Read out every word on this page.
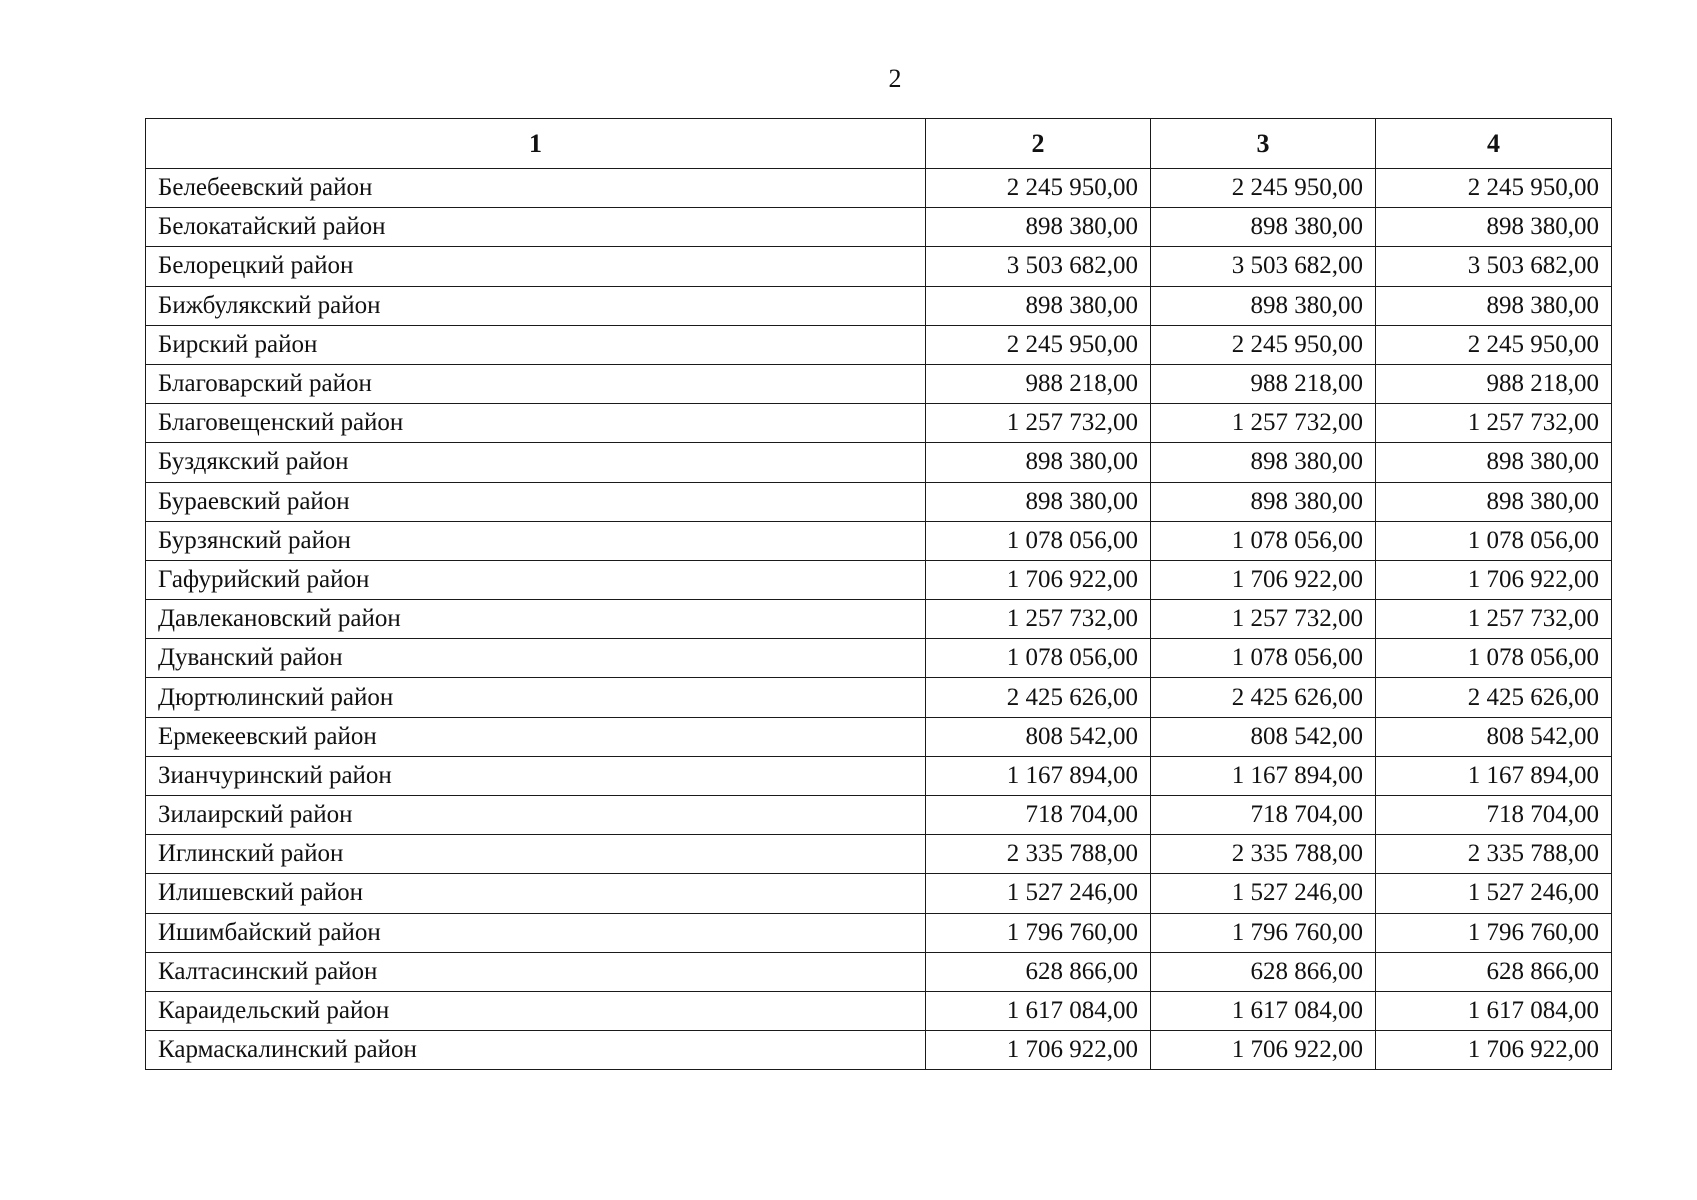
2
1	2	3	4
Белебеевский район	2 245 950,00	2 245 950,00	2 245 950,00
Белокатайский район	898 380,00	898 380,00	898 380,00
Белорецкий район	3 503 682,00	3 503 682,00	3 503 682,00
Бижбулякский район	898 380,00	898 380,00	898 380,00
Бирский район	2 245 950,00	2 245 950,00	2 245 950,00
Благоварский район	988 218,00	988 218,00	988 218,00
Благовещенский район	1 257 732,00	1 257 732,00	1 257 732,00
Буздякский район	898 380,00	898 380,00	898 380,00
Бураевский район	898 380,00	898 380,00	898 380,00
Бурзянский район	1 078 056,00	1 078 056,00	1 078 056,00
Гафурийский район	1 706 922,00	1 706 922,00	1 706 922,00
Давлекановский район	1 257 732,00	1 257 732,00	1 257 732,00
Дуванский район	1 078 056,00	1 078 056,00	1 078 056,00
Дюртюлинский район	2 425 626,00	2 425 626,00	2 425 626,00
Ермекеевский район	808 542,00	808 542,00	808 542,00
Зианчуринский район	1 167 894,00	1 167 894,00	1 167 894,00
Зилаирский район	718 704,00	718 704,00	718 704,00
Иглинский район	2 335 788,00	2 335 788,00	2 335 788,00
Илишевский район	1 527 246,00	1 527 246,00	1 527 246,00
Ишимбайский район	1 796 760,00	1 796 760,00	1 796 760,00
Калтасинский район	628 866,00	628 866,00	628 866,00
Караидельский район	1 617 084,00	1 617 084,00	1 617 084,00
Кармаскалинский район	1 706 922,00	1 706 922,00	1 706 922,00
